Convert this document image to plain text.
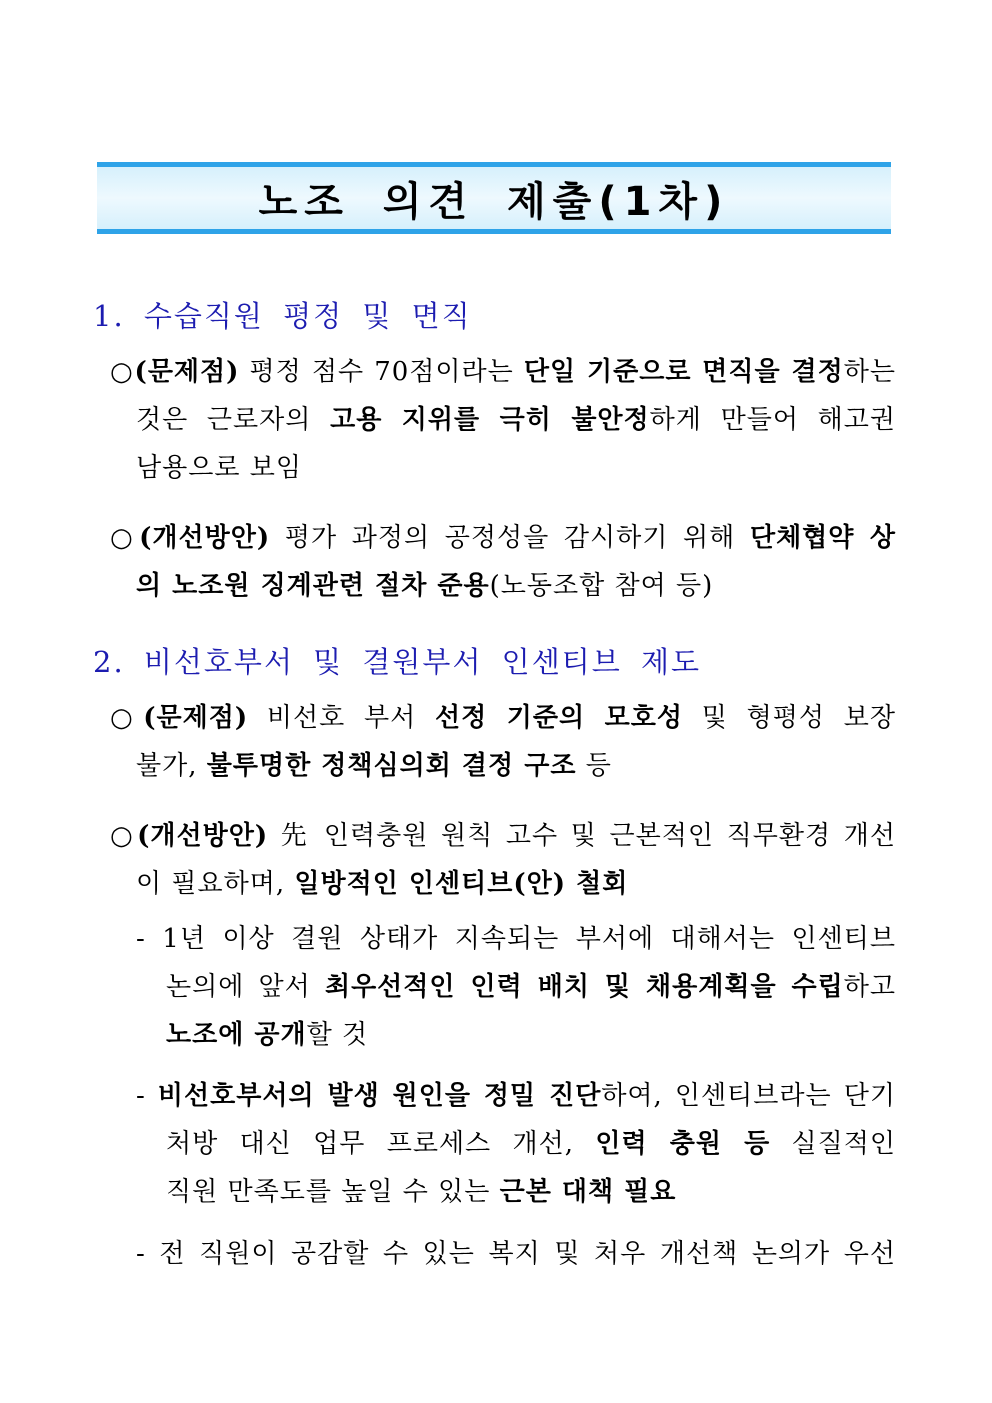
노조 의견 제출(1차)
1. 수습직원 평정 및 면직
○(문제점) 평정 점수 70점이라는 단일 기준으로 면직을 결정하는
것은 근로자의 고용 지위를 극히 불안정하게 만들어 해고권
남용으로 보임
○(개선방안) 평가 과정의 공정성을 감시하기 위해 단체협약 상
의 노조원 징계관련 절차 준용(노동조합 참여 등)
2. 비선호부서 및 결원부서 인센티브 제도
○(문제점) 비선호 부서 선정 기준의 모호성 및 형평성 보장
불가, 불투명한 정책심의회 결정 구조 등
○(개선방안) 先 인력충원 원칙 고수 및 근본적인 직무환경 개선
이 필요하며, 일방적인 인센티브(안) 철회
- 1년 이상 결원 상태가 지속되는 부서에 대해서는 인센티브
논의에 앞서 최우선적인 인력 배치 및 채용계획을 수립하고
노조에 공개할 것
- 비선호부서의 발생 원인을 정밀 진단하여, 인센티브라는 단기
처방 대신 업무 프로세스 개선, 인력 충원 등 실질적인
직원 만족도를 높일 수 있는 근본 대책 필요
- 전 직원이 공감할 수 있는 복지 및 처우 개선책 논의가 우선
